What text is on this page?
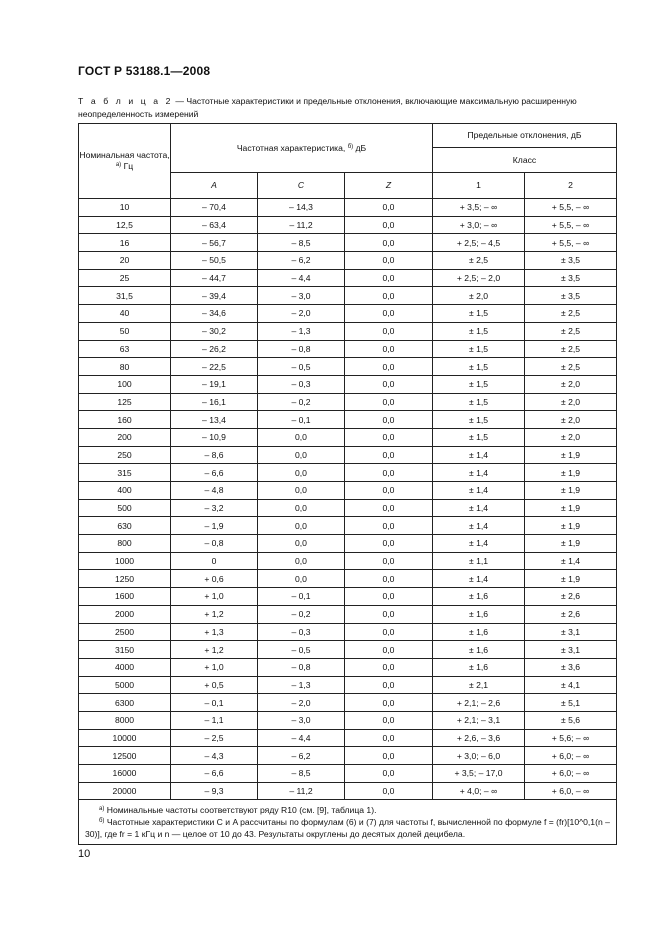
ГОСТ Р 53188.1—2008
Т а б л и ц а 2 — Частотные характеристики и предельные отклонения, включающие максимальную расширенную неопределенность измерений
Номинальная частота, $^{а)}$ Гц	Частотная характеристика, $^{б)}$ дБ			Предельные отклонения, дБ	
				Класс	
	A	C	Z	1	2
10	– 70,4	– 14,3	0,0	+ 3,5; – ∞	+ 5,5, – ∞
12,5	– 63,4	– 11,2	0,0	+ 3,0; – ∞	+ 5,5, – ∞
16	– 56,7	– 8,5	0,0	+ 2,5; – 4,5	+ 5,5, – ∞
20	– 50,5	– 6,2	0,0	± 2,5	± 3,5
25	– 44,7	– 4,4	0,0	+ 2,5; – 2,0	± 3,5
31,5	– 39,4	– 3,0	0,0	± 2,0	± 3,5
40	– 34,6	– 2,0	0,0	± 1,5	± 2,5
50	– 30,2	– 1,3	0,0	± 1,5	± 2,5
63	– 26,2	– 0,8	0,0	± 1,5	± 2,5
80	– 22,5	– 0,5	0,0	± 1,5	± 2,5
100	– 19,1	– 0,3	0,0	± 1,5	± 2,0
125	– 16,1	– 0,2	0,0	± 1,5	± 2,0
160	– 13,4	– 0,1	0,0	± 1,5	± 2,0
200	– 10,9	0,0	0,0	± 1,5	± 2,0
250	– 8,6	0,0	0,0	± 1,4	± 1,9
315	– 6,6	0,0	0,0	± 1,4	± 1,9
400	– 4,8	0,0	0,0	± 1,4	± 1,9
500	– 3,2	0,0	0,0	± 1,4	± 1,9
630	– 1,9	0,0	0,0	± 1,4	± 1,9
800	– 0,8	0,0	0,0	± 1,4	± 1,9
1000	0	0,0	0,0	± 1,1	± 1,4
1250	+ 0,6	0,0	0,0	± 1,4	± 1,9
1600	+ 1,0	– 0,1	0,0	± 1,6	± 2,6
2000	+ 1,2	– 0,2	0,0	± 1,6	± 2,6
2500	+ 1,3	– 0,3	0,0	± 1,6	± 3,1
3150	+ 1,2	– 0,5	0,0	± 1,6	± 3,1
4000	+ 1,0	– 0,8	0,0	± 1,6	± 3,6
5000	+ 0,5	– 1,3	0,0	± 2,1	± 4,1
6300	– 0,1	– 2,0	0,0	+ 2,1; – 2,6	± 5,1
8000	– 1,1	– 3,0	0,0	+ 2,1; – 3,1	± 5,6
10000	– 2,5	– 4,4	0,0	+ 2,6, – 3,6	+ 5,6; – ∞
12500	– 4,3	– 6,2	0,0	+ 3,0; – 6,0	+ 6,0; – ∞
16000	– 6,6	– 8,5	0,0	+ 3,5; – 17,0	+ 6,0; – ∞
20000	– 9,3	– 11,2	0,0	+ 4,0; – ∞	+ 6,0, – ∞

$^{а)}$ Номинальные частоты соответствуют ряду R10 (см. [9], таблица 1).
$^{б)}$ Частотные характеристики C и A рассчитаны по формулам (6) и (7) для частоты f, вычисленной по формуле f = (fr)[10^0,1(n – 30)], где fr = 1 кГц и n — целое от 10 до 43. Результаты округлены до десятых долей децибела.					
10
